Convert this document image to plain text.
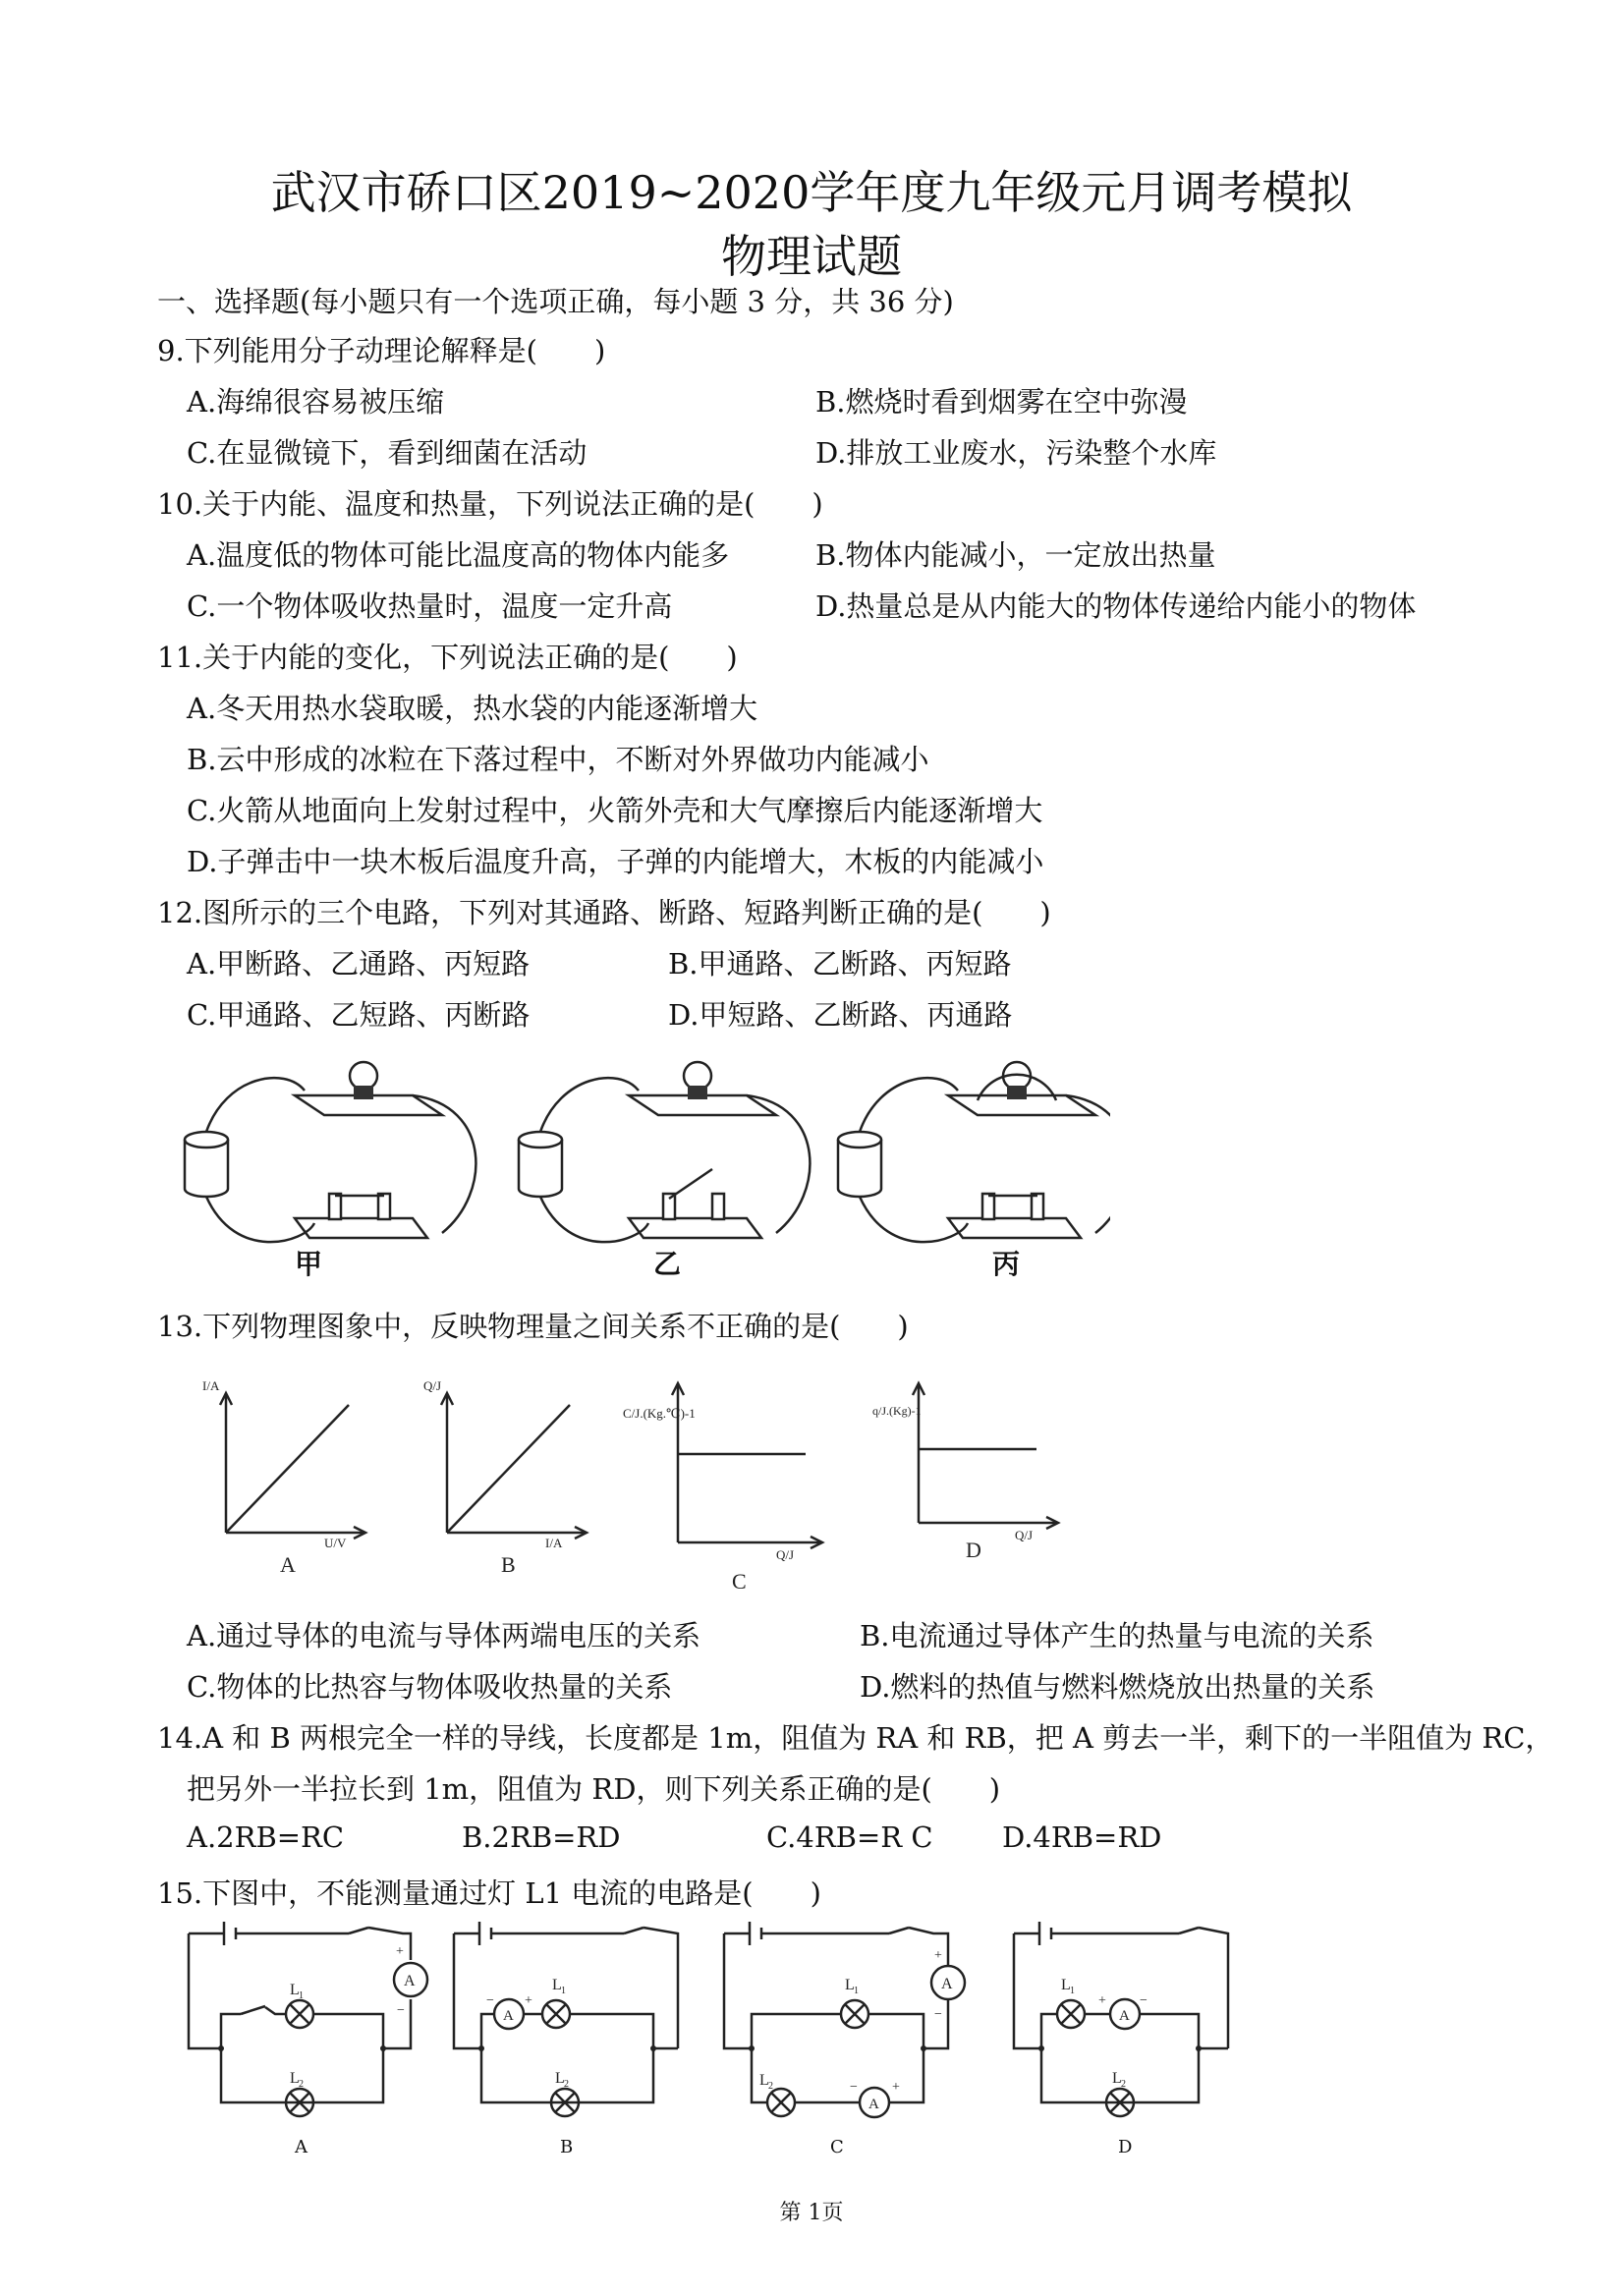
武汉市硚口区2019~2020学年度九年级元月调考模拟
物理试题
一、选择题(每小题只有一个选项正确，每小题 3 分，共 36 分)
9.下列能用分子动理论解释是(　　)
A.海绵很容易被压缩	B.燃烧时看到烟雾在空中弥漫
C.在显微镜下，看到细菌在活动	D.排放工业废水，污染整个水库
10.关于内能、温度和热量，下列说法正确的是(　　)
A.温度低的物体可能比温度高的物体内能多	B.物体内能减小，一定放出热量
C.一个物体吸收热量时，温度一定升高	D.热量总是从内能大的物体传递给内能小的物体
11.关于内能的变化，下列说法正确的是(　　)
A.冬天用热水袋取暖，热水袋的内能逐渐增大
B.云中形成的冰粒在下落过程中，不断对外界做功内能减小
C.火箭从地面向上发射过程中，火箭外壳和大气摩擦后内能逐渐增大
D.子弹击中一块木板后温度升高，子弹的内能增大，木板的内能减小
12.图所示的三个电路，下列对其通路、断路、短路判断正确的是(　　)
A.甲断路、乙通路、丙短路	B.甲通路、乙断路、丙短路
C.甲通路、乙短路、丙断路	D.甲短路、乙断路、丙通路
甲	乙	丙
13.下列物理图象中，反映物理量之间关系不正确的是(　　)
I/A
U/V
A
Q/J
I/A
B
C/J.(Kg.℃)-1
Q/J
C
q/J.(Kg)-1
Q/J
D
A.通过导体的电流与导体两端电压的关系	B.电流通过导体产生的热量与电流的关系
C.物体的比热容与物体吸收热量的关系	D.燃料的热值与燃料燃烧放出热量的关系
14.A 和 B 两根完全一样的导线，长度都是 1m，阻值为 RA 和 RB，把 A 剪去一半，剩下的一半阻值为 RC，
把另外一半拉长到 1m，阻值为 RD，则下列关系正确的是(　　)
A.2RB=RC	B.2RB=RD	C.4RB=R C D.4RB=RD
15.下图中，不能测量通过灯 L1 电流的电路是(　　)
A
+
−
L 1
L 2
A
− +
L 1
L 2
A
+
−
A
−	+
L 1
L 2
A
+ −
L 1
L 2
A	B	C	D
第 1页
